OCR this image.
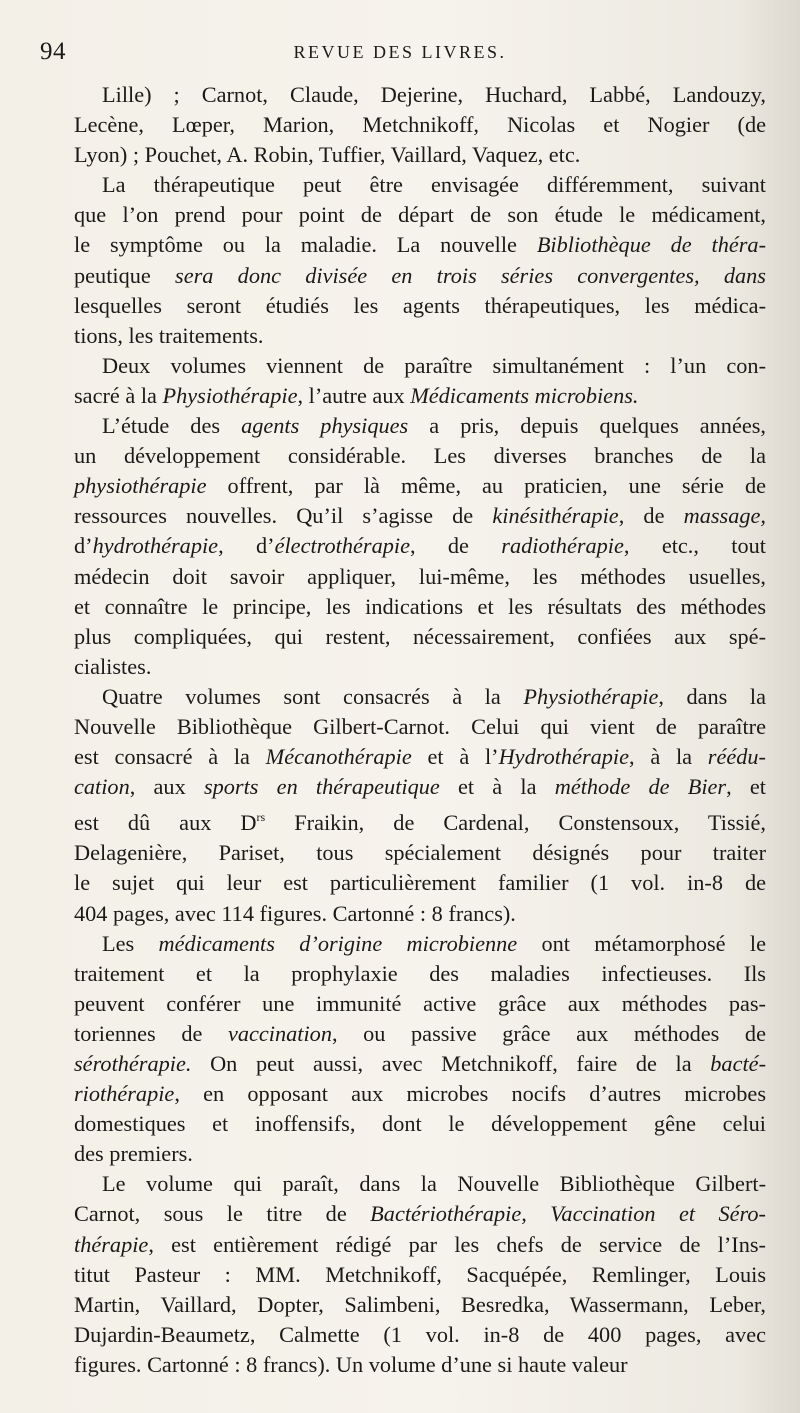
94	REVUE DES LIVRES.
Lille) ; Carnot, Claude, Dejerine, Huchard, Labbé, Landouzy,
Lecène, Lœper, Marion, Metchnikoff, Nicolas et Nogier (de
Lyon) ; Pouchet, A. Robin, Tuffier, Vaillard, Vaquez, etc.
La thérapeutique peut être envisagée différemment, suivant
que l’on prend pour point de départ de son étude le médicament,
le symptôme ou la maladie. La nouvelle Bibliothèque de théra-
peutique sera donc divisée en trois séries convergentes, dans
lesquelles seront étudiés les agents thérapeutiques, les médica-
tions, les traitements.
Deux volumes viennent de paraître simultanément : l’un con-
sacré à la Physiothérapie, l’autre aux Médicaments microbiens.
L’étude des agents physiques a pris, depuis quelques années,
un développement considérable. Les diverses branches de la
physiothérapie offrent, par là même, au praticien, une série de
ressources nouvelles. Qu’il s’agisse de kinésithérapie, de massage,
d’hydrothérapie, d’électrothérapie, de radiothérapie, etc., tout
médecin doit savoir appliquer, lui-même, les méthodes usuelles,
et connaître le principe, les indications et les résultats des méthodes
plus compliquées, qui restent, nécessairement, confiées aux spé-
cialistes.
Quatre volumes sont consacrés à la Physiothérapie, dans la
Nouvelle Bibliothèque Gilbert-Carnot. Celui qui vient de paraître
est consacré à la Mécanothérapie et à l’Hydrothérapie, à la réédu-
cation, aux sports en thérapeutique et à la méthode de Bier, et
est dû aux $D^{rs}$ Fraikin, de Cardenal, Constensoux, Tissié,
Delagenière, Pariset, tous spécialement désignés pour traiter
le sujet qui leur est particulièrement familier (1 vol. in-8 de
404 pages, avec 114 figures. Cartonné : 8 francs).
Les médicaments d’origine microbienne ont métamorphosé le
traitement et la prophylaxie des maladies infectieuses. Ils
peuvent conférer une immunité active grâce aux méthodes pas-
toriennes de vaccination, ou passive grâce aux méthodes de
sérothérapie. On peut aussi, avec Metchnikoff, faire de la bacté-
riothérapie, en opposant aux microbes nocifs d’autres microbes
domestiques et inoffensifs, dont le développement gêne celui
des premiers.
Le volume qui paraît, dans la Nouvelle Bibliothèque Gilbert-
Carnot, sous le titre de Bactériothérapie, Vaccination et Séro-
thérapie, est entièrement rédigé par les chefs de service de l’Ins-
titut Pasteur : MM. Metchnikoff, Sacquépée, Remlinger, Louis
Martin, Vaillard, Dopter, Salimbeni, Besredka, Wassermann, Leber,
Dujardin-Beaumetz, Calmette (1 vol. in-8 de 400 pages, avec
figures. Cartonné : 8 francs). Un volume d’une si haute valeur
